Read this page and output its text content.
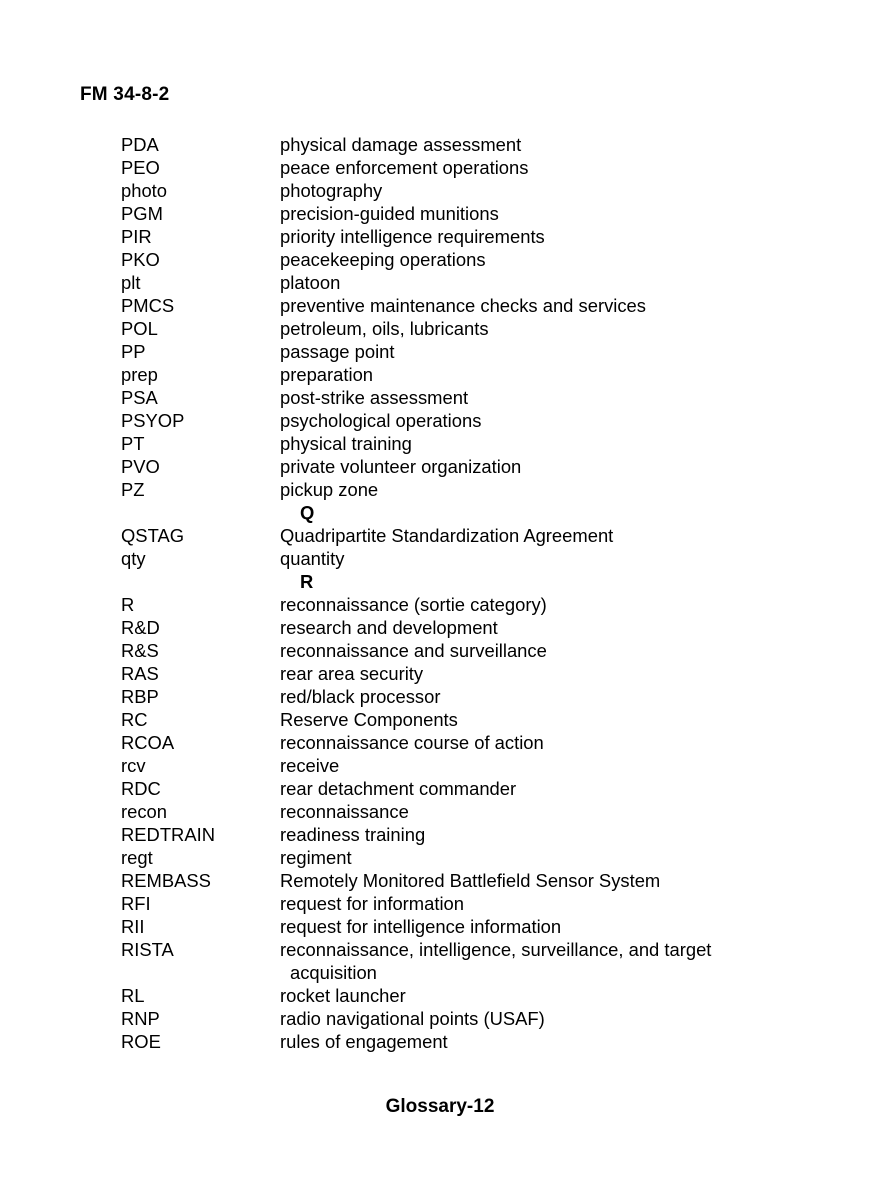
FM 34-8-2
PDA	physical damage assessment
PEO	peace enforcement operations
photo	photography
PGM	precision-guided munitions
PIR	priority intelligence requirements
PKO	peacekeeping operations
plt	platoon
PMCS	preventive maintenance checks and services
POL	petroleum, oils, lubricants
PP	passage point
prep	preparation
PSA	post-strike assessment
PSYOP	psychological operations
PT	physical training
PVO	private volunteer organization
PZ	pickup zone
Q
QSTAG	Quadripartite Standardization Agreement
qty	quantity
R
R	reconnaissance (sortie category)
R&D	research and development
R&S	reconnaissance and surveillance
RAS	rear area security
RBP	red/black processor
RC	Reserve Components
RCOA	reconnaissance course of action
rcv	receive
RDC	rear detachment commander
recon	reconnaissance
REDTRAIN	readiness training
regt	regiment
REMBASS	Remotely Monitored Battlefield Sensor System
RFI	request for information
RII	request for intelligence information
RISTA	reconnaissance, intelligence, surveillance, and target
acquisition
RL	rocket launcher
RNP	radio navigational points (USAF)
ROE	rules of engagement
Glossary-12
